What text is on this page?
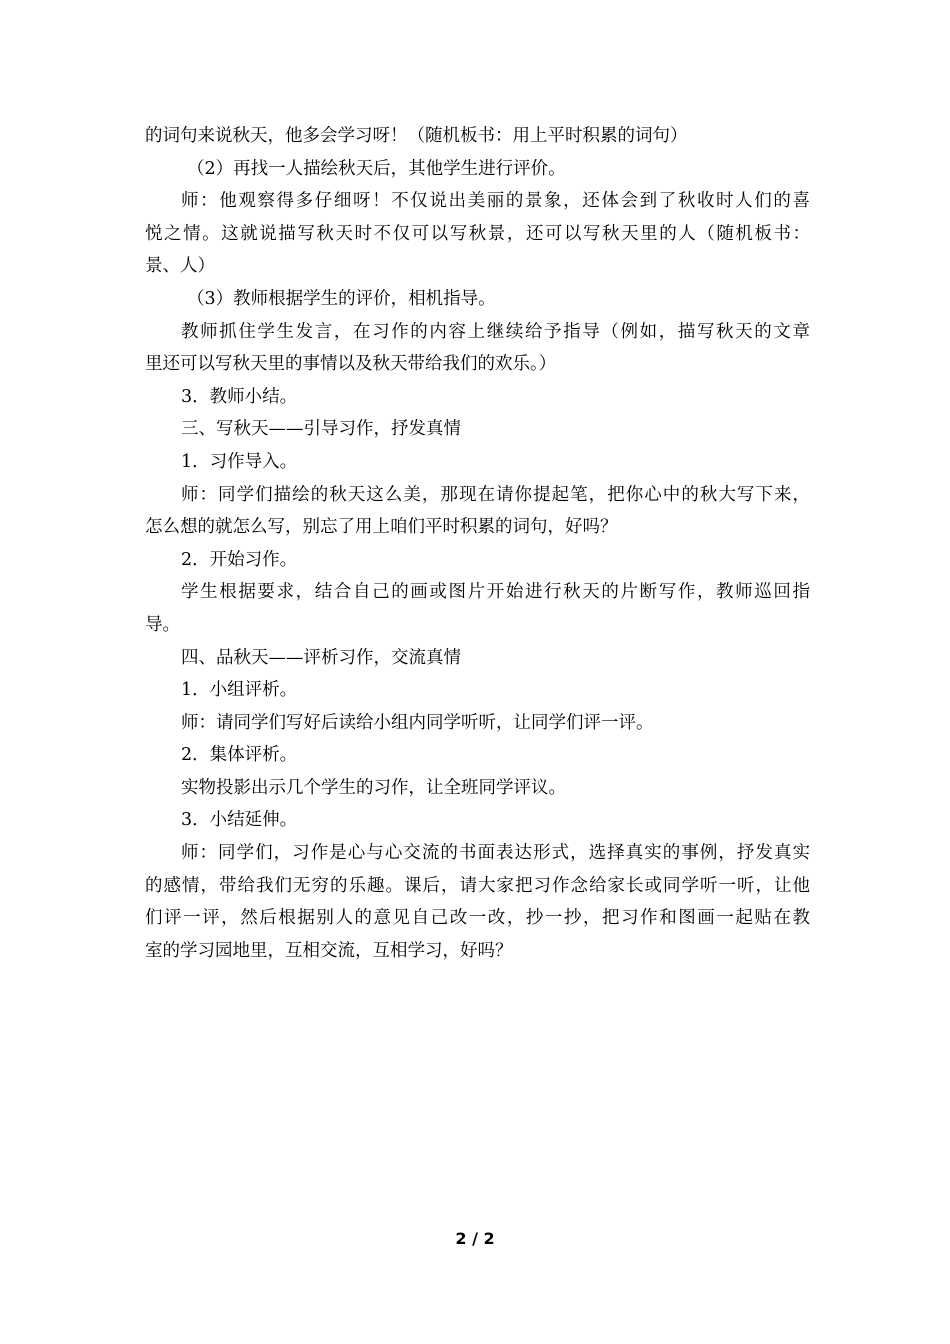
的词句来说秋天，他多会学习呀！（随机板书：用上平时积累的词句）
（2）再找一人描绘秋天后，其他学生进行评价。
师：他观察得多仔细呀！不仅说出美丽的景象，还体会到了秋收时人们的喜
悦之情。这就说描写秋天时不仅可以写秋景，还可以写秋天里的人（随机板书：
景、人）
（3）教师根据学生的评价，相机指导。
教师抓住学生发言，在习作的内容上继续给予指导（例如，描写秋天的文章
里还可以写秋天里的事情以及秋天带给我们的欢乐。）
3．教师小结。
三、写秋天——引导习作，抒发真情
1．习作导入。
师：同学们描绘的秋天这么美，那现在请你提起笔，把你心中的秋大写下来，
怎么想的就怎么写，别忘了用上咱们平时积累的词句，好吗？
2．开始习作。
学生根据要求，结合自己的画或图片开始进行秋天的片断写作，教师巡回指
导。
四、品秋天——评析习作，交流真情
1．小组评析。
师：请同学们写好后读给小组内同学听听，让同学们评一评。
2．集体评析。
实物投影出示几个学生的习作，让全班同学评议。
3．小结延伸。
师：同学们，习作是心与心交流的书面表达形式，选择真实的事例，抒发真实
的感情，带给我们无穷的乐趣。课后，请大家把习作念给家长或同学听一听，让他
们评一评，然后根据别人的意见自己改一改，抄一抄，把习作和图画一起贴在教
室的学习园地里，互相交流，互相学习，好吗？
2 / 2
